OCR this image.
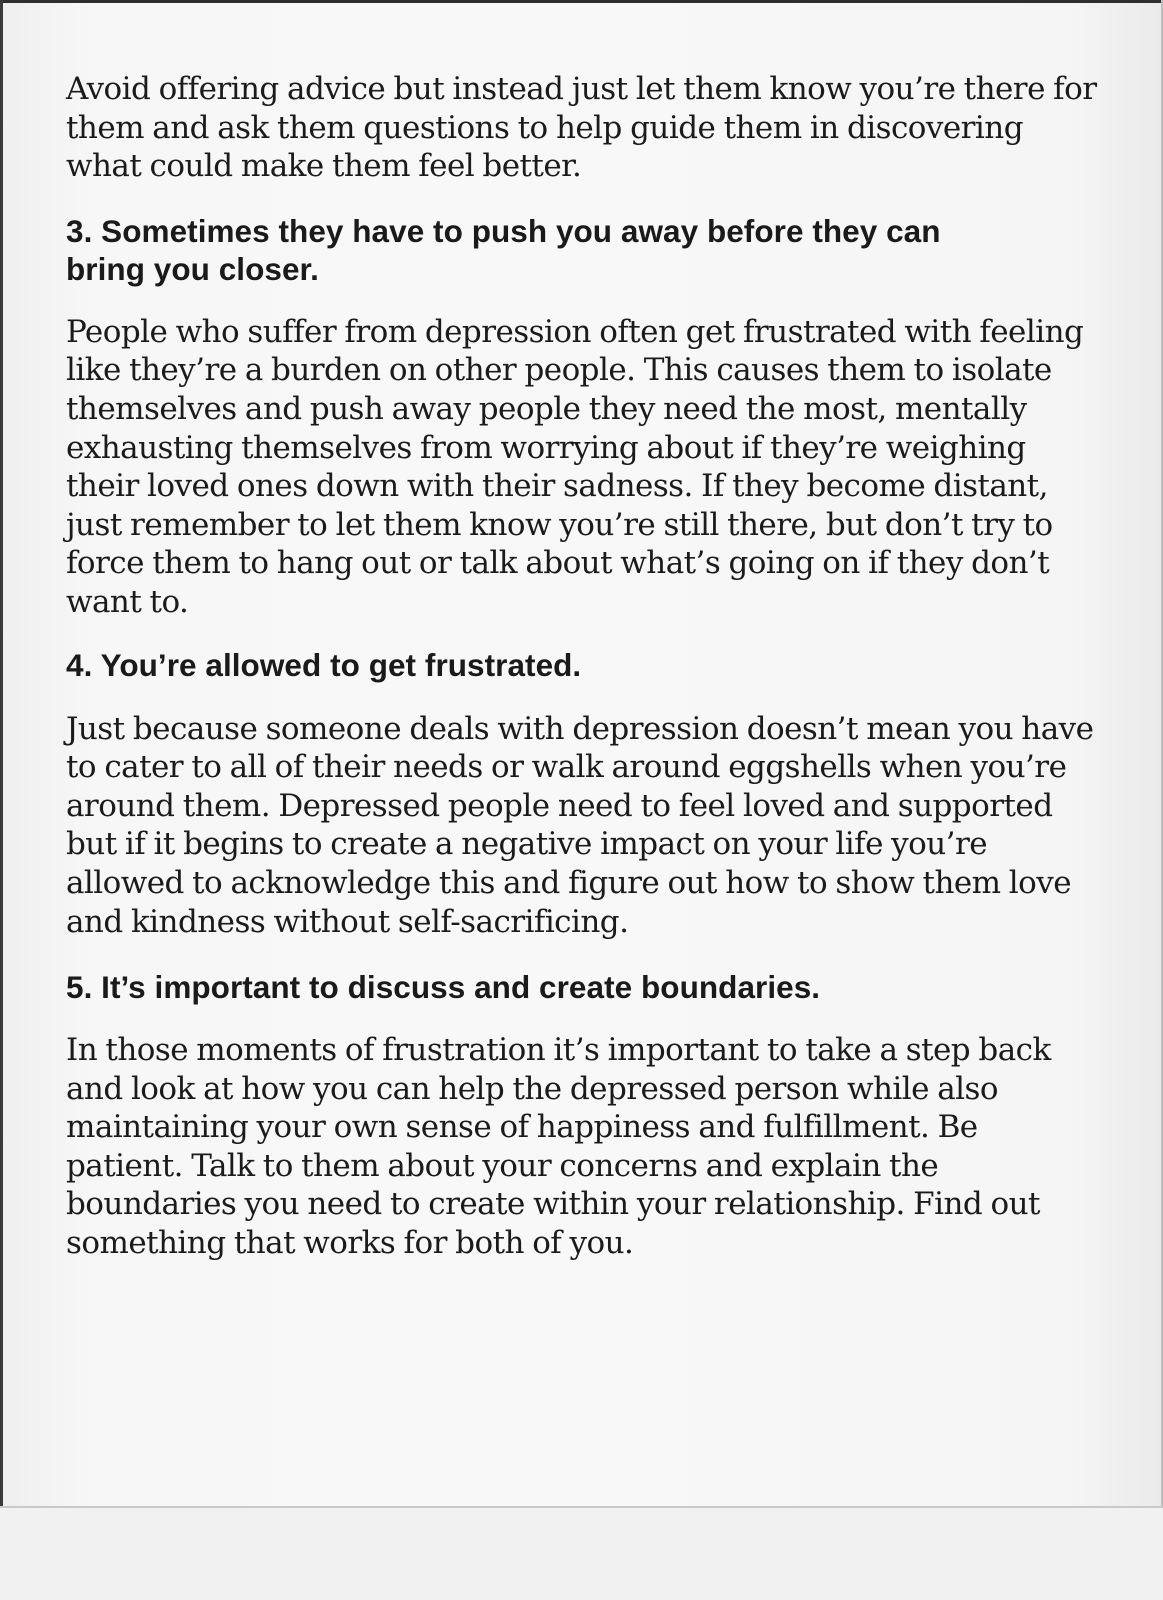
Avoid offering advice but instead just let them know you’re there for
them and ask them questions to help guide them in discovering
what could make them feel better.

3. Sometimes they have to push you away before they can
bring you closer.

People who suffer from depression often get frustrated with feeling
like they’re a burden on other people. This causes them to isolate
themselves and push away people they need the most, mentally
exhausting themselves from worrying about if they’re weighing
their loved ones down with their sadness. If they become distant,
just remember to let them know you’re still there, but don’t try to
force them to hang out or talk about what’s going on if they don’t
want to.

4. You’re allowed to get frustrated.

Just because someone deals with depression doesn’t mean you have
to cater to all of their needs or walk around eggshells when you’re
around them. Depressed people need to feel loved and supported
but if it begins to create a negative impact on your life you’re
allowed to acknowledge this and figure out how to show them love
and kindness without self-sacrificing.

5. It’s important to discuss and create boundaries.

In those moments of frustration it’s important to take a step back
and look at how you can help the depressed person while also
maintaining your own sense of happiness and fulfillment. Be
patient. Talk to them about your concerns and explain the
boundaries you need to create within your relationship. Find out
something that works for both of you.
